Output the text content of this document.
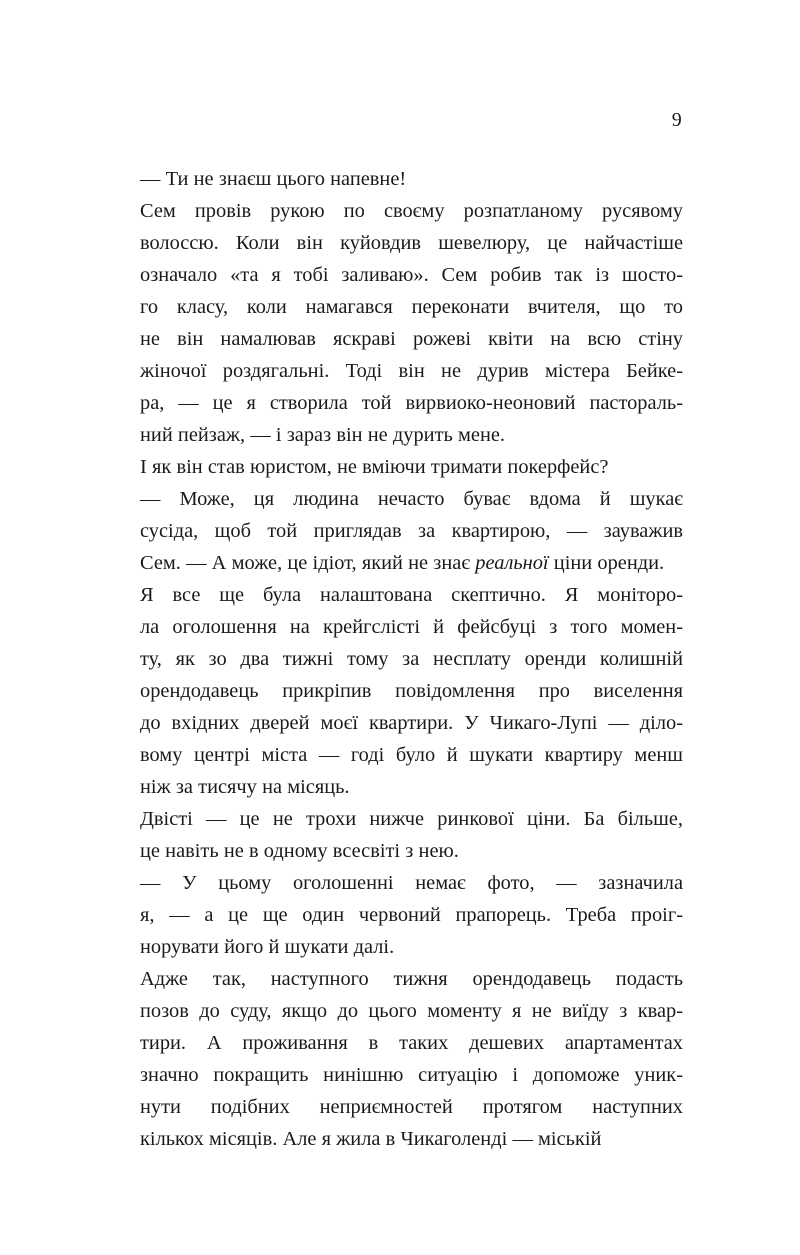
9

— Ти не знаєш цього напевне!

Сем провів рукою по своєму розпатланому русявому
волоссю. Коли він куйовдив шевелюру, це найчастіше
означало «та я тобі заливаю». Сем робив так із шосто-
го класу, коли намагався переконати вчителя, що то
не він намалював яскраві рожеві квіти на всю стіну
жіночої роздягальні. Тоді він не дурив містера Бейке-
ра, — це я створила той вирвиоко-неоновий пастораль-
ний пейзаж, — і зараз він не дурить мене.

І як він став юристом, не вміючи тримати покерфейс?

— Може, ця людина нечасто буває вдома й шукає
сусіда, щоб той приглядав за квартирою, — зауважив
Сем. — А може, це ідіот, який не знає реальної ціни оренди.

Я все ще була налаштована скептично. Я моніторо-
ла оголошення на крейгслісті й фейсбуці з того момен-
ту, як зо два тижні тому за несплату оренди колишній
орендодавець прикріпив повідомлення про виселення
до вхідних дверей моєї квартири. У Чикаго-Лупі — діло-
вому центрі міста — годі було й шукати квартиру менш
ніж за тисячу на місяць.

Двісті — це не трохи нижче ринкової ціни. Ба більше,
це навіть не в одному всесвіті з нею.

— У цьому оголошенні немає фото, — зазначила
я, — а це ще один червоний прапорець. Треба проіг-
норувати його й шукати далі.

Адже так, наступного тижня орендодавець подасть
позов до суду, якщо до цього моменту я не виїду з квар-
тири. А проживання в таких дешевих апартаментах
значно покращить нинішню ситуацію і допоможе уник-
нути подібних неприємностей протягом наступних
кількох місяців. Але я жила в Чикаголенді — міській
